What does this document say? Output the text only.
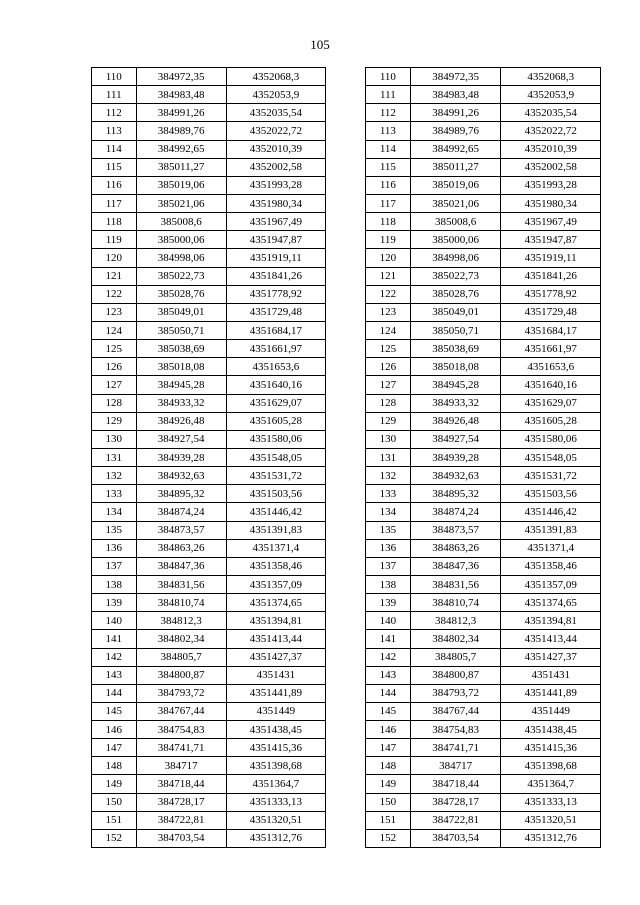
105
110	384972,35	4352068,3
111	384983,48	4352053,9
112	384991,26	4352035,54
113	384989,76	4352022,72
114	384992,65	4352010,39
115	385011,27	4352002,58
116	385019,06	4351993,28
117	385021,06	4351980,34
118	385008,6	4351967,49
119	385000,06	4351947,87
120	384998,06	4351919,11
121	385022,73	4351841,26
122	385028,76	4351778,92
123	385049,01	4351729,48
124	385050,71	4351684,17
125	385038,69	4351661,97
126	385018,08	4351653,6
127	384945,28	4351640,16
128	384933,32	4351629,07
129	384926,48	4351605,28
130	384927,54	4351580,06
131	384939,28	4351548,05
132	384932,63	4351531,72
133	384895,32	4351503,56
134	384874,24	4351446,42
135	384873,57	4351391,83
136	384863,26	4351371,4
137	384847,36	4351358,46
138	384831,56	4351357,09
139	384810,74	4351374,65
140	384812,3	4351394,81
141	384802,34	4351413,44
142	384805,7	4351427,37
143	384800,87	4351431
144	384793,72	4351441,89
145	384767,44	4351449
146	384754,83	4351438,45
147	384741,71	4351415,36
148	384717	4351398,68
149	384718,44	4351364,7
150	384728,17	4351333,13
151	384722,81	4351320,51
152	384703,54	4351312,76
110	384972,35	4352068,3
111	384983,48	4352053,9
112	384991,26	4352035,54
113	384989,76	4352022,72
114	384992,65	4352010,39
115	385011,27	4352002,58
116	385019,06	4351993,28
117	385021,06	4351980,34
118	385008,6	4351967,49
119	385000,06	4351947,87
120	384998,06	4351919,11
121	385022,73	4351841,26
122	385028,76	4351778,92
123	385049,01	4351729,48
124	385050,71	4351684,17
125	385038,69	4351661,97
126	385018,08	4351653,6
127	384945,28	4351640,16
128	384933,32	4351629,07
129	384926,48	4351605,28
130	384927,54	4351580,06
131	384939,28	4351548,05
132	384932,63	4351531,72
133	384895,32	4351503,56
134	384874,24	4351446,42
135	384873,57	4351391,83
136	384863,26	4351371,4
137	384847,36	4351358,46
138	384831,56	4351357,09
139	384810,74	4351374,65
140	384812,3	4351394,81
141	384802,34	4351413,44
142	384805,7	4351427,37
143	384800,87	4351431
144	384793,72	4351441,89
145	384767,44	4351449
146	384754,83	4351438,45
147	384741,71	4351415,36
148	384717	4351398,68
149	384718,44	4351364,7
150	384728,17	4351333,13
151	384722,81	4351320,51
152	384703,54	4351312,76
